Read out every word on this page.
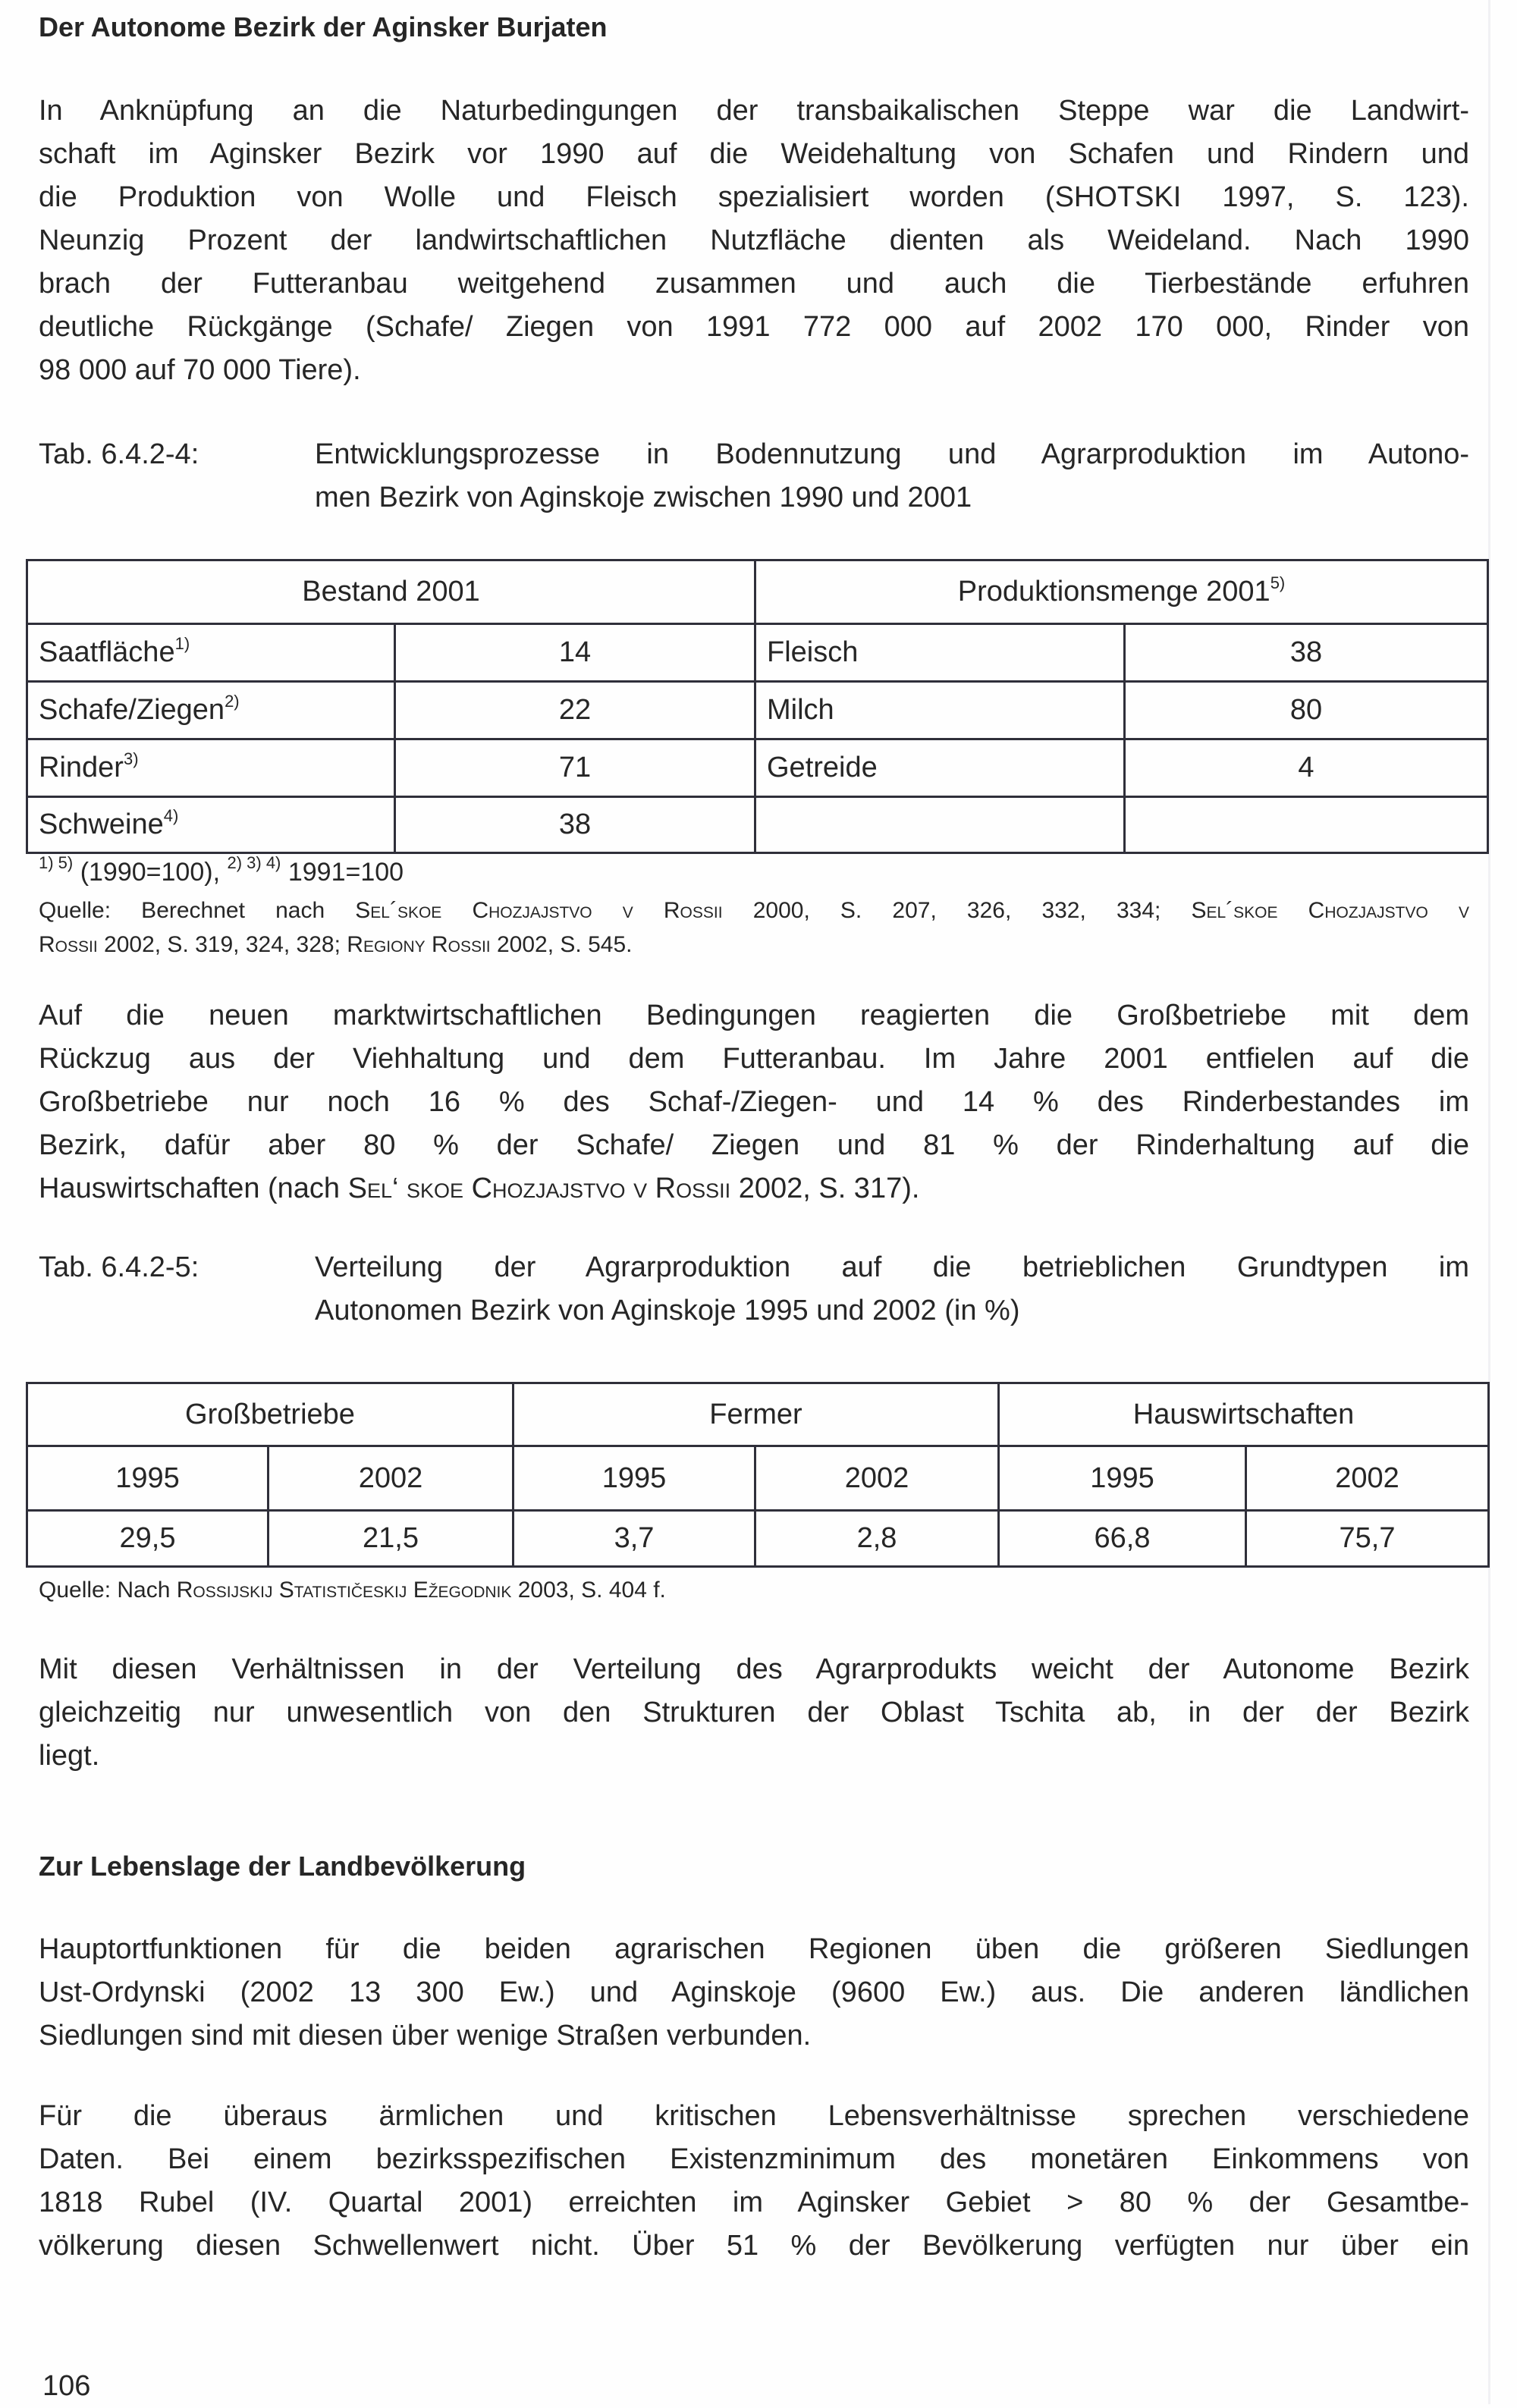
Der Autonome Bezirk der Aginsker Burjaten
In Anknüpfung an die Naturbedingungen der transbaikalischen Steppe war die Landwirt-
schaft im Aginsker Bezirk vor 1990 auf die Weidehaltung von Schafen und Rindern und
die Produktion von Wolle und Fleisch spezialisiert worden (SHOTSKI 1997, S. 123).
Neunzig Prozent der landwirtschaftlichen Nutzfläche dienten als Weideland. Nach 1990
brach der Futteranbau weitgehend zusammen und auch die Tierbestände erfuhren
deutliche Rückgänge (Schafe/ Ziegen von 1991 772 000 auf 2002 170 000, Rinder von
98 000 auf 70 000 Tiere).
Tab. 6.4.2-4:	Entwicklungsprozesse in Bodennutzung und Agrarproduktion im Autono-
men Bezirk von Aginskoje zwischen 1990 und 2001
Bestand 2001		Produktionsmenge 2001$^{5)}$
Saatfläche$^{1)}$	14	Fleisch	38
Schafe/Ziegen$^{2)}$	22	Milch	80
Rinder$^{3)}$	71	Getreide	4
Schweine$^{4)}$	38		
$^{1) 5)}$ (1990=100), $^{2) 3) 4)}$ 1991=100
Quelle: Berechnet nach Sel´skoe Chozjajstvo v Rossii 2000, S. 207, 326, 332, 334; Sel´skoe Chozjajstvo v
Rossii 2002, S. 319, 324, 328; Regiony Rossii 2002, S. 545.
Auf die neuen marktwirtschaftlichen Bedingungen reagierten die Großbetriebe mit dem
Rückzug aus der Viehhaltung und dem Futteranbau. Im Jahre 2001 entfielen auf die
Großbetriebe nur noch 16 % des Schaf-/Ziegen- und 14 % des Rinderbestandes im
Bezirk, dafür aber 80 % der Schafe/ Ziegen und 81 % der Rinderhaltung auf die
Hauswirtschaften (nach Sel‘ skoe Chozjajstvo v Rossii 2002, S. 317).
Tab. 6.4.2-5:	Verteilung der Agrarproduktion auf die betrieblichen Grundtypen im
Autonomen Bezirk von Aginskoje 1995 und 2002 (in %)
Großbetriebe		Fermer		Hauswirtschaften	
1995	2002	1995	2002	1995	2002
29,5	21,5	3,7	2,8	66,8	75,7
Quelle: Nach Rossijskij Statističeskij Ežegodnik 2003, S. 404 f.
Mit diesen Verhältnissen in der Verteilung des Agrarprodukts weicht der Autonome Bezirk
gleichzeitig nur unwesentlich von den Strukturen der Oblast Tschita ab, in der der Bezirk
liegt.
Zur Lebenslage der Landbevölkerung
Hauptortfunktionen für die beiden agrarischen Regionen üben die größeren Siedlungen
Ust-Ordynski (2002 13 300 Ew.) und Aginskoje (9600 Ew.) aus. Die anderen ländlichen
Siedlungen sind mit diesen über wenige Straßen verbunden.
Für die überaus ärmlichen und kritischen Lebensverhältnisse sprechen verschiedene
Daten. Bei einem bezirksspezifischen Existenzminimum des monetären Einkommens von
1818 Rubel (IV. Quartal 2001) erreichten im Aginsker Gebiet > 80 % der Gesamtbe-
völkerung diesen Schwellenwert nicht. Über 51 % der Bevölkerung verfügten nur über ein
106
